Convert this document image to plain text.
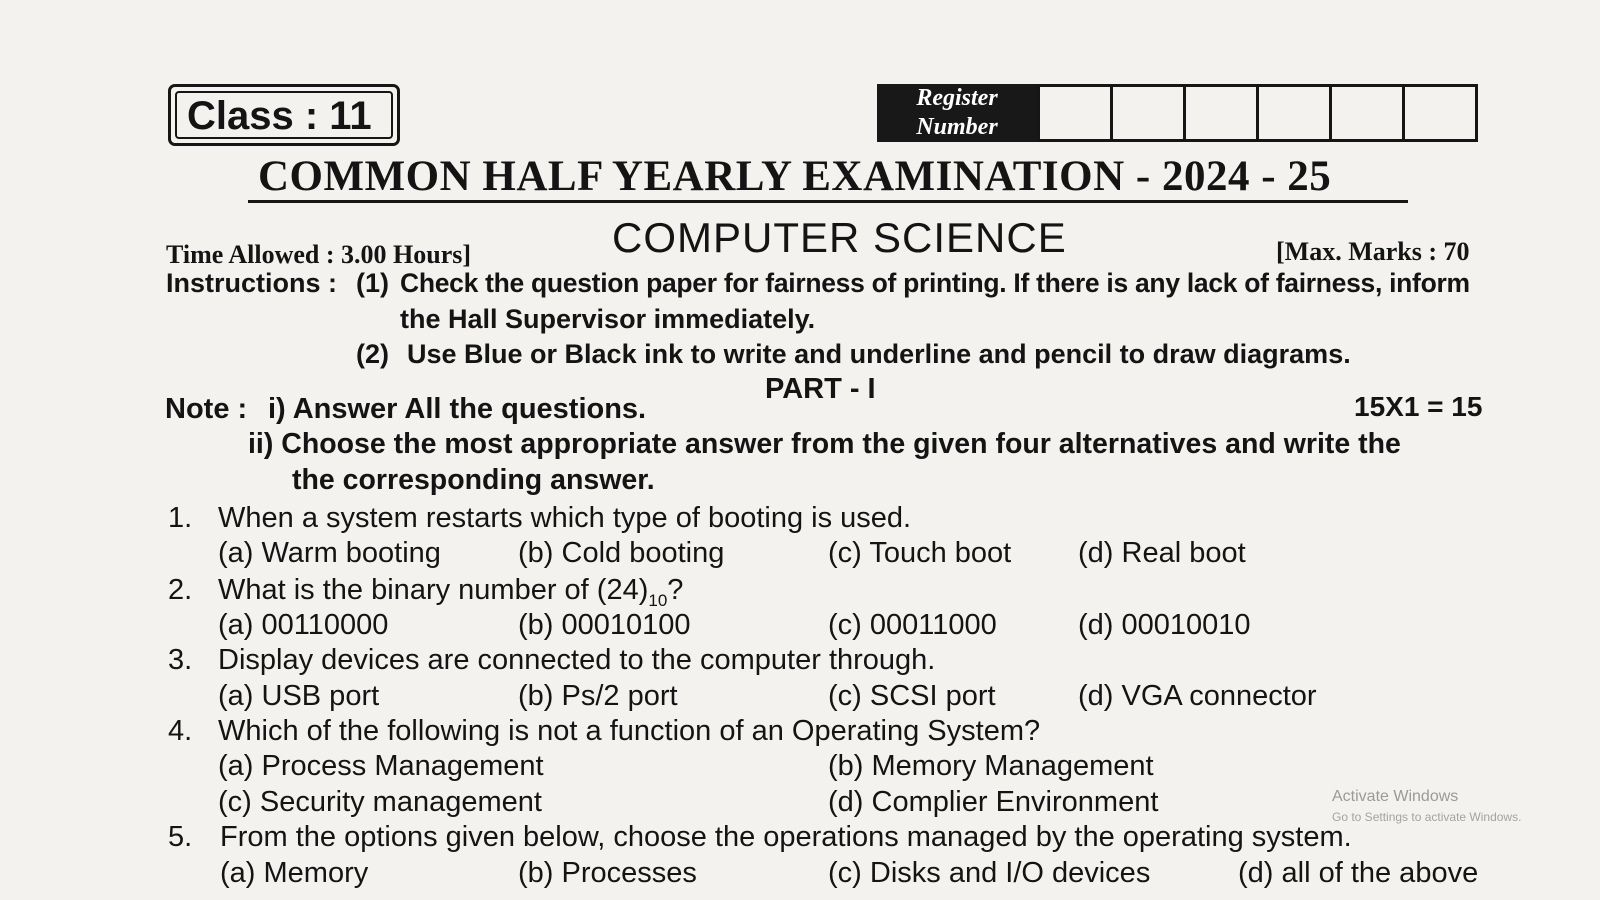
Class : 11	Register
Number
COMMON HALF YEARLY EXAMINATION - 2024 - 25
COMPUTER SCIENCE
Time Allowed : 3.00 Hours]	[Max. Marks : 70
Instructions : (1) Check the question paper for fairness of printing. If there is any lack of fairness, inform
the Hall Supervisor immediately.
(2) Use Blue or Black ink to write and underline and pencil to draw diagrams.
PART - I
Note : i) Answer All the questions.	15X1 = 15
ii) Choose the most appropriate answer from the given four alternatives and write the
the corresponding answer.
1. When a system restarts which type of booting is used.
(a) Warm booting	(b) Cold booting	(c) Touch boot (d) Real boot
2. What is the binary number of $(24)_{10}$?
(a) 00110000	(b) 00010100	(c) 00011000	(d) 00010010
3. Display devices are connected to the computer through.
(a) USB port	(b) Ps/2 port	(c) SCSI port	(d) VGA connector
4. Which of the following is not a function of an Operating System?
(a) Process Management	(b) Memory Management
(c) Security management	(d) Complier Environment
5. From the options given below, choose the operations managed by the operating system.
(a) Memory	(b) Processes	(c) Disks and I/O devices	(d) all of the above
Activate Windows
Go to Settings to activate Windows.
